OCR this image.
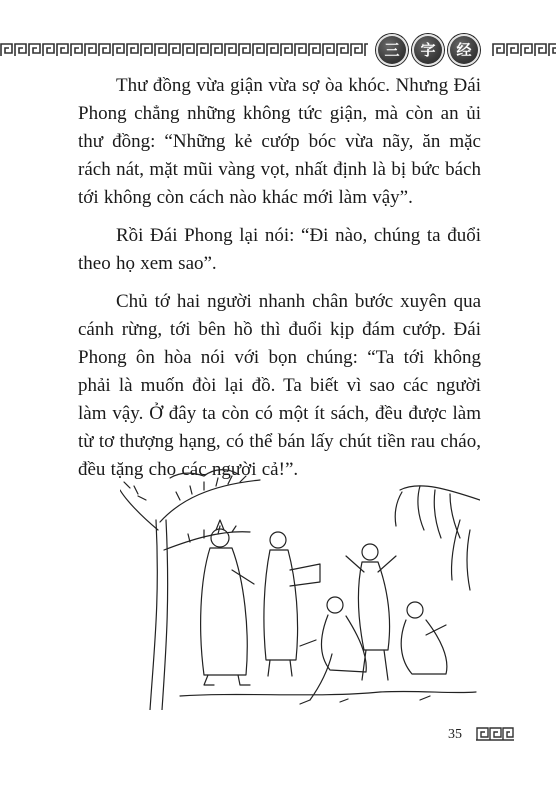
三	字	经

Thư đồng vừa giận vừa sợ òa khóc. Nhưng Đái Phong chẳng những không tức giận, mà còn an ủi thư đồng: “Những kẻ cướp bóc vừa nãy, ăn mặc rách nát, mặt mũi vàng vọt, nhất định là bị bức bách tới không còn cách nào khác mới làm vậy”.

Rồi Đái Phong lại nói: “Đi nào, chúng ta đuổi theo họ xem sao”.

Chủ tớ hai người nhanh chân bước xuyên qua cánh rừng, tới bên hồ thì đuổi kịp đám cướp. Đái Phong ôn hòa nói với bọn chúng: “Ta tới không phải là muốn đòi lại đồ. Ta biết vì sao các người làm vậy. Ở đây ta còn có một ít sách, đều được làm từ tơ thượng hạng, có thể bán lấy chút tiền rau cháo, đều tặng cho các người cả!”.

35
